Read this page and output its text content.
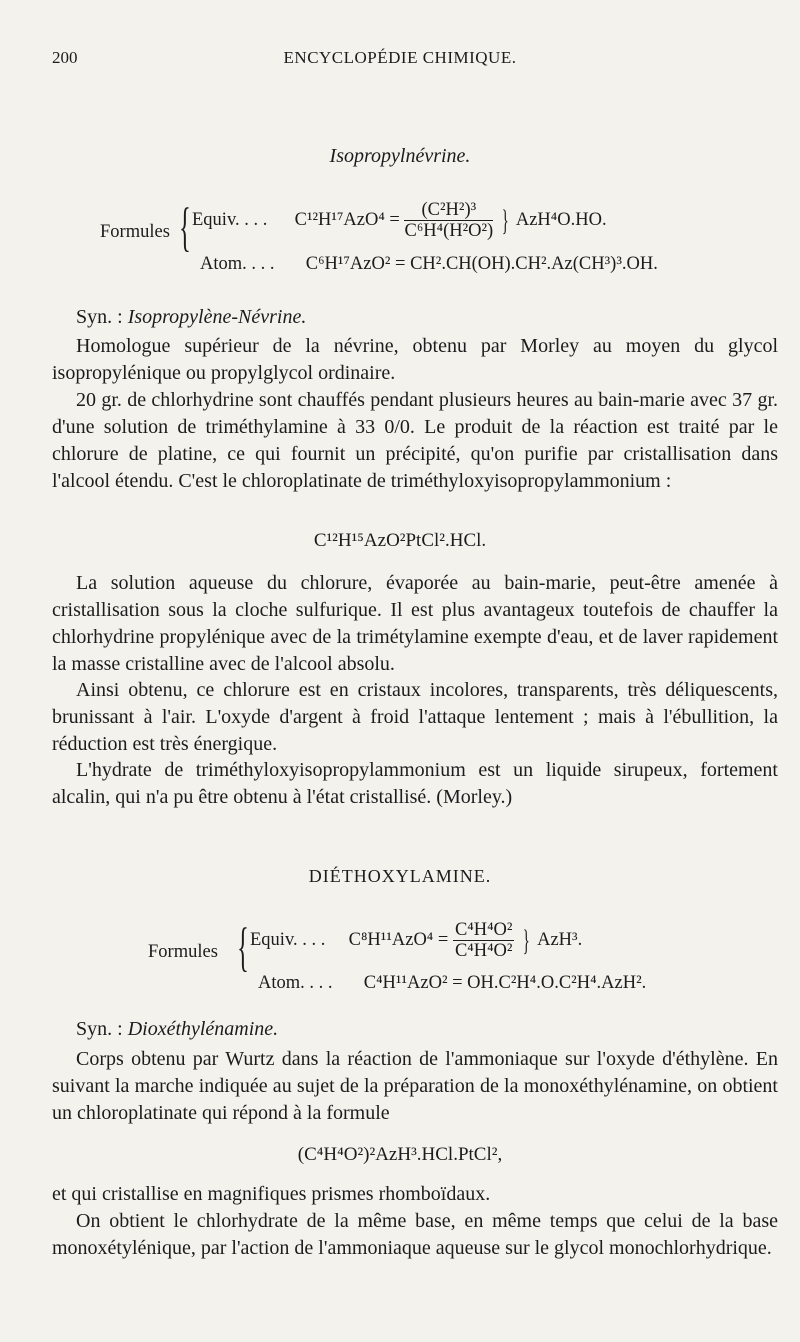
200	ENCYCLOPÉDIE CHIMIQUE.
Isopropylnévrine.
Formules { Equiv. . . . $C^{12}H^{17}AzO^4 = \frac{\text{(C²H²)³}}{\text{C⁶H⁴(H²O²)}}$ } AzH⁴O.HO.
Atom. . . . C⁶H¹⁷AzO² = CH².CH(OH).CH².Az(CH³)³.OH.
Syn. : Isopropylène-Névrine.
Homologue supérieur de la névrine, obtenu par Morley au moyen du glycol isopropylénique ou propylglycol ordinaire.
20 gr. de chlorhydrine sont chauffés pendant plusieurs heures au bain-marie avec 37 gr. d'une solution de triméthylamine à 33 0/0. Le produit de la réaction est traité par le chlorure de platine, ce qui fournit un précipité, qu'on purifie par cristallisation dans l'alcool étendu. C'est le chloroplatinate de triméthyloxyisopropylammonium :
C¹²H¹⁵AzO²PtCl².HCl.
La solution aqueuse du chlorure, évaporée au bain-marie, peut-être amenée à cristallisation sous la cloche sulfurique. Il est plus avantageux toutefois de chauffer la chlorhydrine propylénique avec de la trimétylamine exempte d'eau, et de laver rapidement la masse cristalline avec de l'alcool absolu.
Ainsi obtenu, ce chlorure est en cristaux incolores, transparents, très déliquescents, brunissant à l'air. L'oxyde d'argent à froid l'attaque lentement ; mais à l'ébullition, la réduction est très énergique.
L'hydrate de triméthyloxyisopropylammonium est un liquide sirupeux, fortement alcalin, qui n'a pu être obtenu à l'état cristallisé. (Morley.)
DIÉTHOXYLAMINE.
Formules { Equiv. . . . $C^8H^{11}AzO^4 = \frac{\text{C⁴H⁴O²}}{\text{C⁴H⁴O²}}$ } AzH³.
Atom. . . . C⁴H¹¹AzO² = OH.C²H⁴.O.C²H⁴.AzH².
Syn. : Dioxéthylénamine.
Corps obtenu par Wurtz dans la réaction de l'ammoniaque sur l'oxyde d'éthylène. En suivant la marche indiquée au sujet de la préparation de la monoxéthylénamine, on obtient un chloroplatinate qui répond à la formule
(C⁴H⁴O²)²AzH³.HCl.PtCl²,
et qui cristallise en magnifiques prismes rhomboïdaux.
On obtient le chlorhydrate de la même base, en même temps que celui de la base monoxétylénique, par l'action de l'ammoniaque aqueuse sur le glycol monochlorhydrique.
